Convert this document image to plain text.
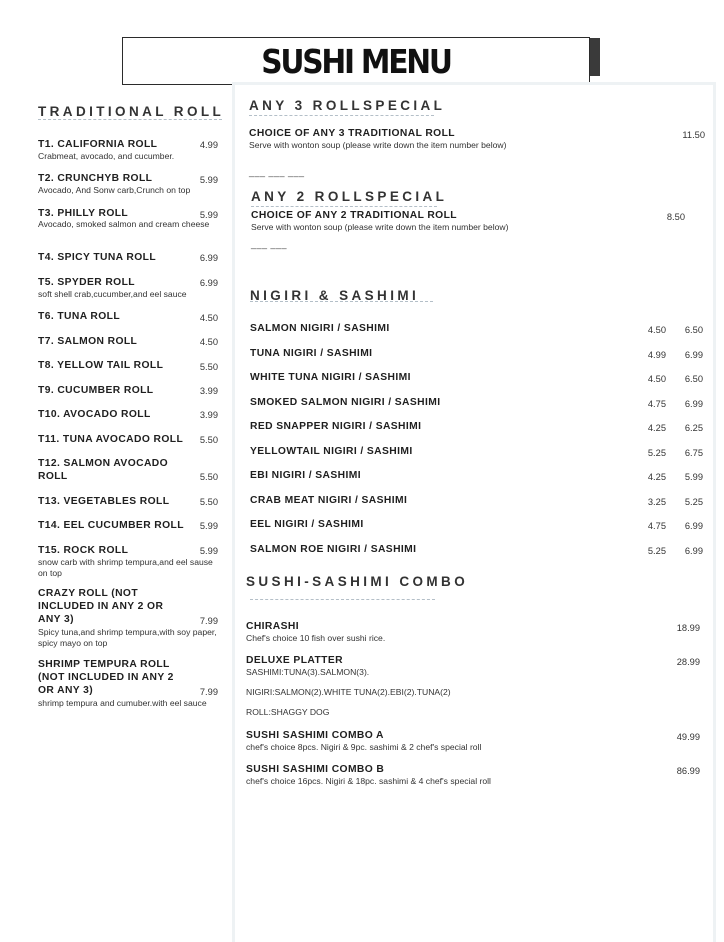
SUSHI MENU
TRADITIONAL ROLL
T1. CALIFORNIA ROLL	4.99
Crabmeat, avocado, and cucumber.
T2. CRUNCHYB ROLL	5.99
Avocado, And Sonw carb,Crunch on top
T3. PHILLY ROLL	5.99
Avocado, smoked salmon and cream cheese
T4. SPICY TUNA ROLL	6.99
T5. SPYDER ROLL	6.99
soft shell crab,cucumber,and eel sauce
T6. TUNA ROLL	4.50
T7. SALMON ROLL	4.50
T8. YELLOW TAIL ROLL	5.50
T9. CUCUMBER ROLL	3.99
T10. AVOCADO ROLL	3.99
T11. TUNA AVOCADO ROLL	5.50
T12. SALMON AVOCADO ROLL	5.50
T13. VEGETABLES ROLL	5.50
T14. EEL CUCUMBER ROLL	5.99
T15. ROCK ROLL	5.99
snow carb with shrimp tempura,and eel sause on top
CRAZY ROLL (NOT INCLUDED IN ANY 2 OR ANY 3)	7.99
Spicy tuna,and shrimp tempura,with soy paper, spicy mayo on top
SHRIMP TEMPURA ROLL (NOT INCLUDED IN ANY 2 OR ANY 3)	7.99
shrimp tempura and cumuber.with eel sauce
ANY 3 ROLLSPECIAL
CHOICE OF ANY 3 TRADITIONAL ROLL	11.50
Serve with wonton soup (please write down the item number below)
___ ___ ___
ANY 2 ROLLSPECIAL
CHOICE OF ANY 2 TRADITIONAL ROLL	8.50
Serve with wonton soup (please write down the item number below)
___ ___
NIGIRI & SASHIMI
SALMON NIGIRI / SASHIMI	4.50	6.50
TUNA NIGIRI / SASHIMI	4.99	6.99
WHITE TUNA NIGIRI / SASHIMI	4.50	6.50
SMOKED SALMON NIGIRI / SASHIMI	4.75	6.99
RED SNAPPER NIGIRI / SASHIMI	4.25	6.25
YELLOWTAIL NIGIRI / SASHIMI	5.25	6.75
EBI NIGIRI / SASHIMI	4.25	5.99
CRAB MEAT NIGIRI / SASHIMI	3.25	5.25
EEL NIGIRI / SASHIMI	4.75	6.99
SALMON ROE NIGIRI / SASHIMI	5.25	6.99
SUSHI-SASHIMI COMBO
CHIRASHI	18.99
Chef's choice 10 fish over sushi rice.
DELUXE PLATTER	28.99
SASHIMI:TUNA(3).SALMON(3).
NIGIRI:SALMON(2).WHITE TUNA(2).EBI(2).TUNA(2)
ROLL:SHAGGY DOG
SUSHI SASHIMI COMBO A	49.99
chef's choice 8pcs. Nigiri & 9pc. sashimi & 2 chef's special roll
SUSHI SASHIMI COMBO B	86.99
chef's choice 16pcs. Nigiri & 18pc. sashimi & 4 chef's special roll
